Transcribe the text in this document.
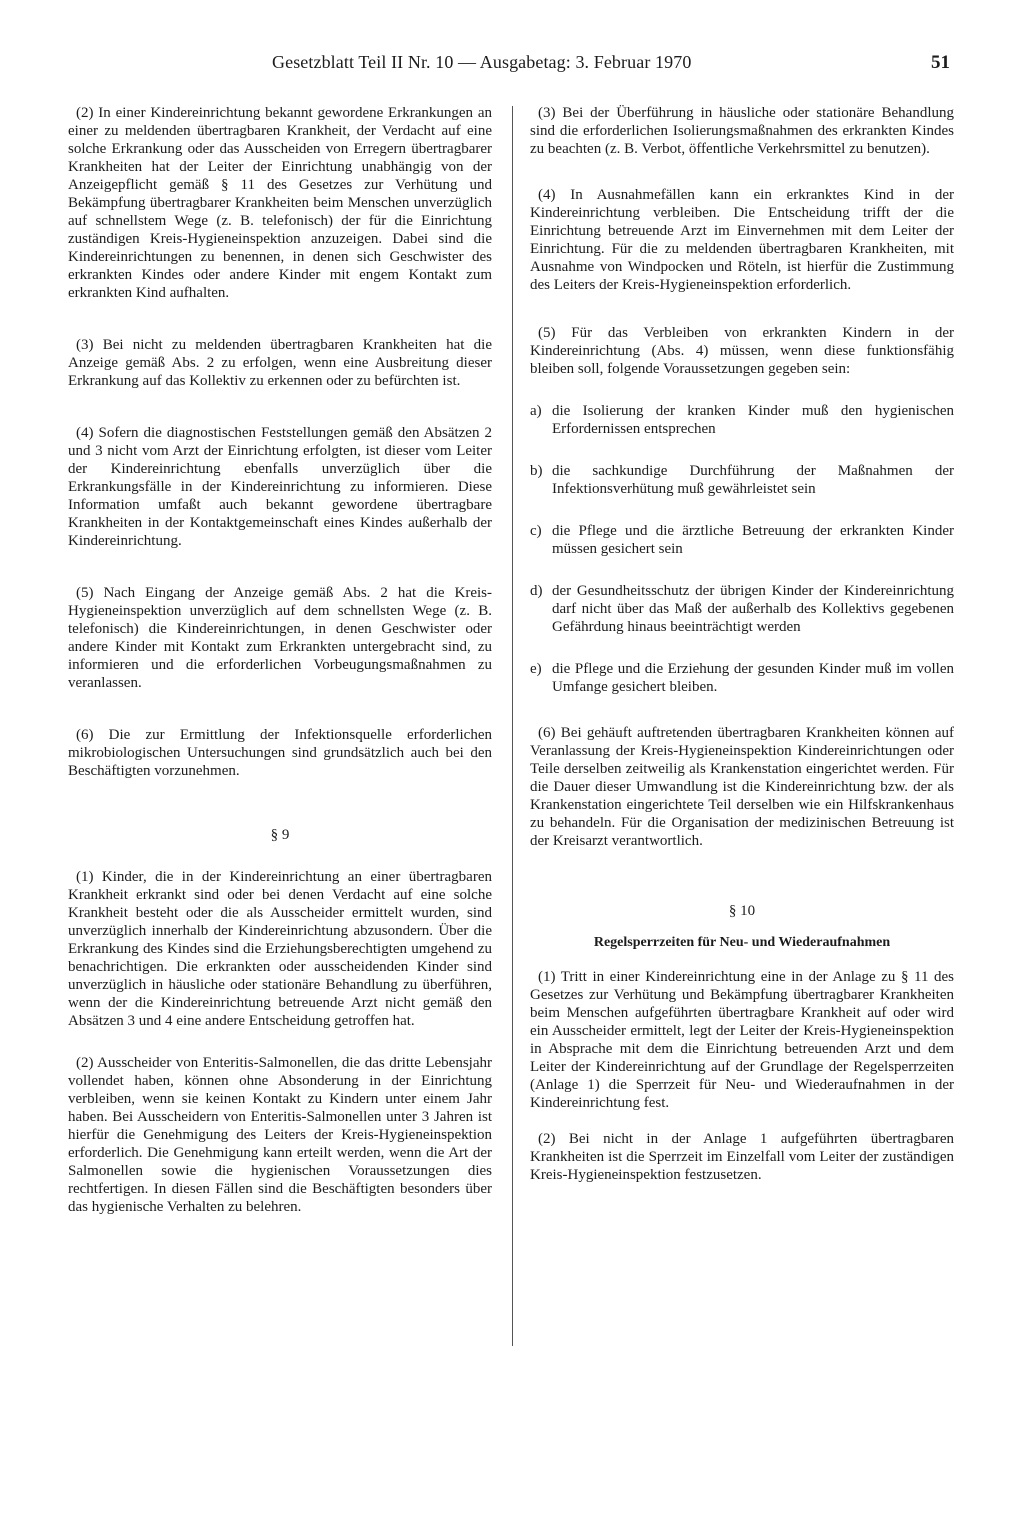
Gesetzblatt Teil II Nr. 10 — Ausgabetag: 3. Februar 1970	51

(2) In einer Kindereinrichtung bekannt gewordene Erkrankungen an einer zu meldenden übertragbaren Krankheit, der Verdacht auf eine solche Erkrankung oder das Ausscheiden von Erregern übertragbarer Krankheiten hat der Leiter der Einrichtung unabhängig von der Anzeigepflicht gemäß § 11 des Gesetzes zur Verhütung und Bekämpfung übertragbarer Krankheiten beim Menschen unverzüglich auf schnellstem Wege (z. B. telefonisch) der für die Einrichtung zuständigen Kreis-Hygieneinspektion anzuzeigen. Dabei sind die Kindereinrichtungen zu benennen, in denen sich Geschwister des erkrankten Kindes oder andere Kinder mit engem Kontakt zum erkrankten Kind aufhalten.

(3) Bei nicht zu meldenden übertragbaren Krankheiten hat die Anzeige gemäß Abs. 2 zu erfolgen, wenn eine Ausbreitung dieser Erkrankung auf das Kollektiv zu erkennen oder zu befürchten ist.

(4) Sofern die diagnostischen Feststellungen gemäß den Absätzen 2 und 3 nicht vom Arzt der Einrichtung erfolgten, ist dieser vom Leiter der Kindereinrichtung ebenfalls unverzüglich über die Erkrankungsfälle in der Kindereinrichtung zu informieren. Diese Information umfaßt auch bekannt gewordene übertragbare Krankheiten in der Kontaktgemeinschaft eines Kindes außerhalb der Kindereinrichtung.

(5) Nach Eingang der Anzeige gemäß Abs. 2 hat die Kreis-Hygieneinspektion unverzüglich auf dem schnellsten Wege (z. B. telefonisch) die Kindereinrichtungen, in denen Geschwister oder andere Kinder mit Kontakt zum Erkrankten untergebracht sind, zu informieren und die erforderlichen Vorbeugungsmaßnahmen zu veranlassen.

(6) Die zur Ermittlung der Infektionsquelle erforderlichen mikrobiologischen Untersuchungen sind grundsätzlich auch bei den Beschäftigten vorzunehmen.

§ 9

(1) Kinder, die in der Kindereinrichtung an einer übertragbaren Krankheit erkrankt sind oder bei denen Verdacht auf eine solche Krankheit besteht oder die als Ausscheider ermittelt wurden, sind unverzüglich innerhalb der Kindereinrichtung abzusondern. Über die Erkrankung des Kindes sind die Erziehungsberechtigten umgehend zu benachrichtigen. Die erkrankten oder ausscheidenden Kinder sind unverzüglich in häusliche oder stationäre Behandlung zu überführen, wenn der die Kindereinrichtung betreuende Arzt nicht gemäß den Absätzen 3 und 4 eine andere Entscheidung getroffen hat.

(2) Ausscheider von Enteritis-Salmonellen, die das dritte Lebensjahr vollendet haben, können ohne Absonderung in der Einrichtung verbleiben, wenn sie keinen Kontakt zu Kindern unter einem Jahr haben. Bei Ausscheidern von Enteritis-Salmonellen unter 3 Jahren ist hierfür die Genehmigung des Leiters der Kreis-Hygieneinspektion erforderlich. Die Genehmigung kann erteilt werden, wenn die Art der Salmonellen sowie die hygienischen Voraussetzungen dies rechtfertigen. In diesen Fällen sind die Beschäftigten besonders über das hygienische Verhalten zu belehren.

(3) Bei der Überführung in häusliche oder stationäre Behandlung sind die erforderlichen Isolierungsmaßnahmen des erkrankten Kindes zu beachten (z. B. Verbot, öffentliche Verkehrsmittel zu benutzen).

(4) In Ausnahmefällen kann ein erkranktes Kind in der Kindereinrichtung verbleiben. Die Entscheidung trifft der die Einrichtung betreuende Arzt im Einvernehmen mit dem Leiter der Einrichtung. Für die zu meldenden übertragbaren Krankheiten, mit Ausnahme von Windpocken und Röteln, ist hierfür die Zustimmung des Leiters der Kreis-Hygieneinspektion erforderlich.

(5) Für das Verbleiben von erkrankten Kindern in der Kindereinrichtung (Abs. 4) müssen, wenn diese funktionsfähig bleiben soll, folgende Voraussetzungen gegeben sein:

a) die Isolierung der kranken Kinder muß den hygienischen Erfordernissen entsprechen
b) die sachkundige Durchführung der Maßnahmen der Infektionsverhütung muß gewährleistet sein
c) die Pflege und die ärztliche Betreuung der erkrankten Kinder müssen gesichert sein
d) der Gesundheitsschutz der übrigen Kinder der Kindereinrichtung darf nicht über das Maß der außerhalb des Kollektivs gegebenen Gefährdung hinaus beeinträchtigt werden
e) die Pflege und die Erziehung der gesunden Kinder muß im vollen Umfange gesichert bleiben.

(6) Bei gehäuft auftretenden übertragbaren Krankheiten können auf Veranlassung der Kreis-Hygieneinspektion Kindereinrichtungen oder Teile derselben zeitweilig als Krankenstation eingerichtet werden. Für die Dauer dieser Umwandlung ist die Kindereinrichtung bzw. der als Krankenstation eingerichtete Teil derselben wie ein Hilfskrankenhaus zu behandeln. Für die Organisation der medizinischen Betreuung ist der Kreisarzt verantwortlich.

§ 10

Regelsperrzeiten für Neu- und Wiederaufnahmen

(1) Tritt in einer Kindereinrichtung eine in der Anlage zu § 11 des Gesetzes zur Verhütung und Bekämpfung übertragbarer Krankheiten beim Menschen aufgeführten übertragbare Krankheit auf oder wird ein Ausscheider ermittelt, legt der Leiter der Kreis-Hygieneinspektion in Absprache mit dem die Einrichtung betreuenden Arzt und dem Leiter der Kindereinrichtung auf der Grundlage der Regelsperrzeiten (Anlage 1) die Sperrzeit für Neu- und Wiederaufnahmen in der Kindereinrichtung fest.

(2) Bei nicht in der Anlage 1 aufgeführten übertragbaren Krankheiten ist die Sperrzeit im Einzelfall vom Leiter der zuständigen Kreis-Hygieneinspektion festzusetzen.
